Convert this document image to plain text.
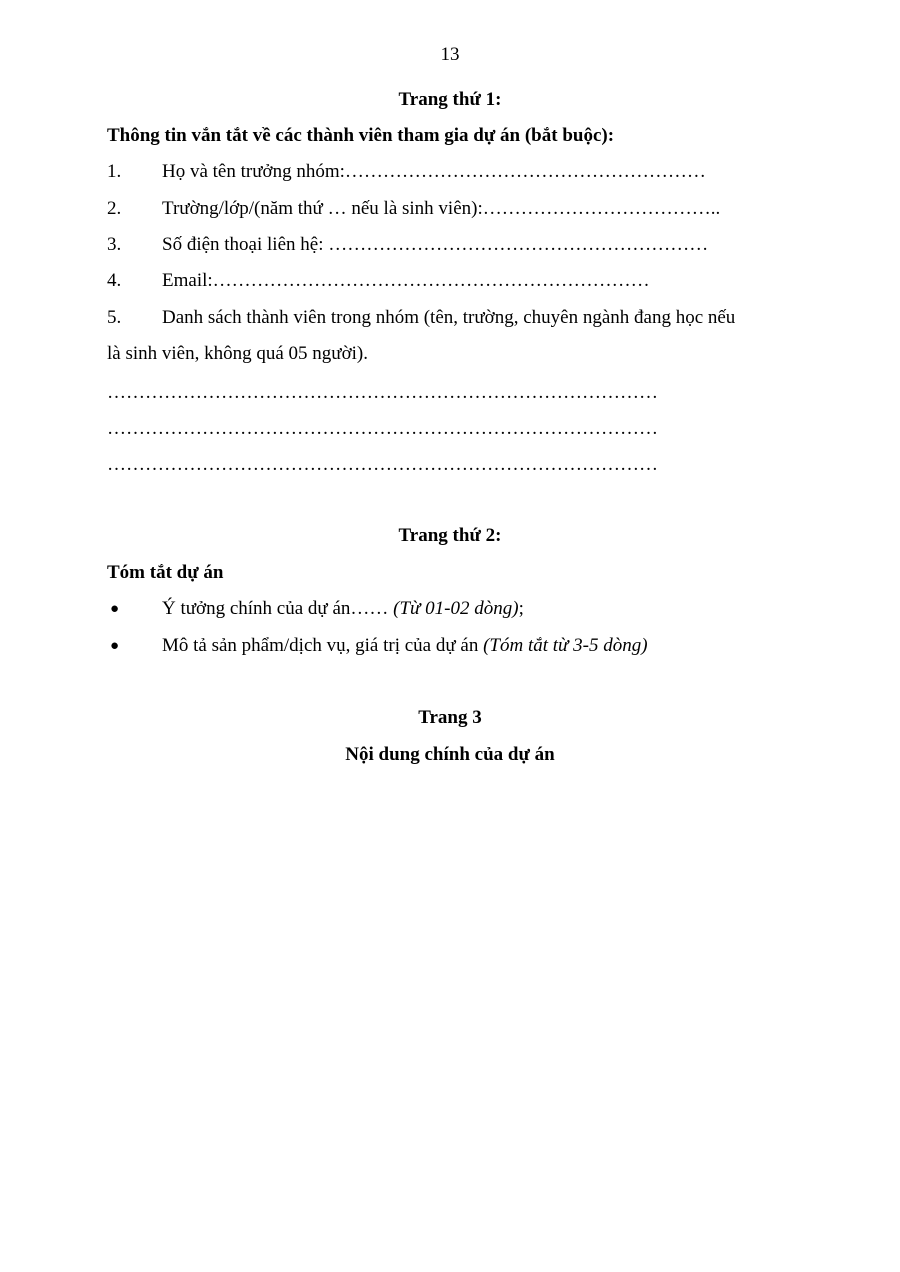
13
Trang thứ 1:
Thông tin vắn tắt về các thành viên tham gia dự án (bắt buộc):
1. Họ và tên trưởng nhóm:…………………………………………………
2. Trường/lớp/(năm thứ … nếu là sinh viên):………………………………..
3. Số điện thoại liên hệ: ……………………………………………………
4. Email:……………………………………………………………
5. Danh sách thành viên trong nhóm (tên, trường, chuyên ngành đang học nếu
là sinh viên, không quá 05 người).
……………………………………………………………………………
……………………………………………………………………………
……………………………………………………………………………
Trang thứ 2:
Tóm tắt dự án
● Ý tưởng chính của dự án…… (Từ 01-02 dòng);
● Mô tả sản phẩm/dịch vụ, giá trị của dự án (Tóm tắt từ 3-5 dòng)
Trang 3
Nội dung chính của dự án
